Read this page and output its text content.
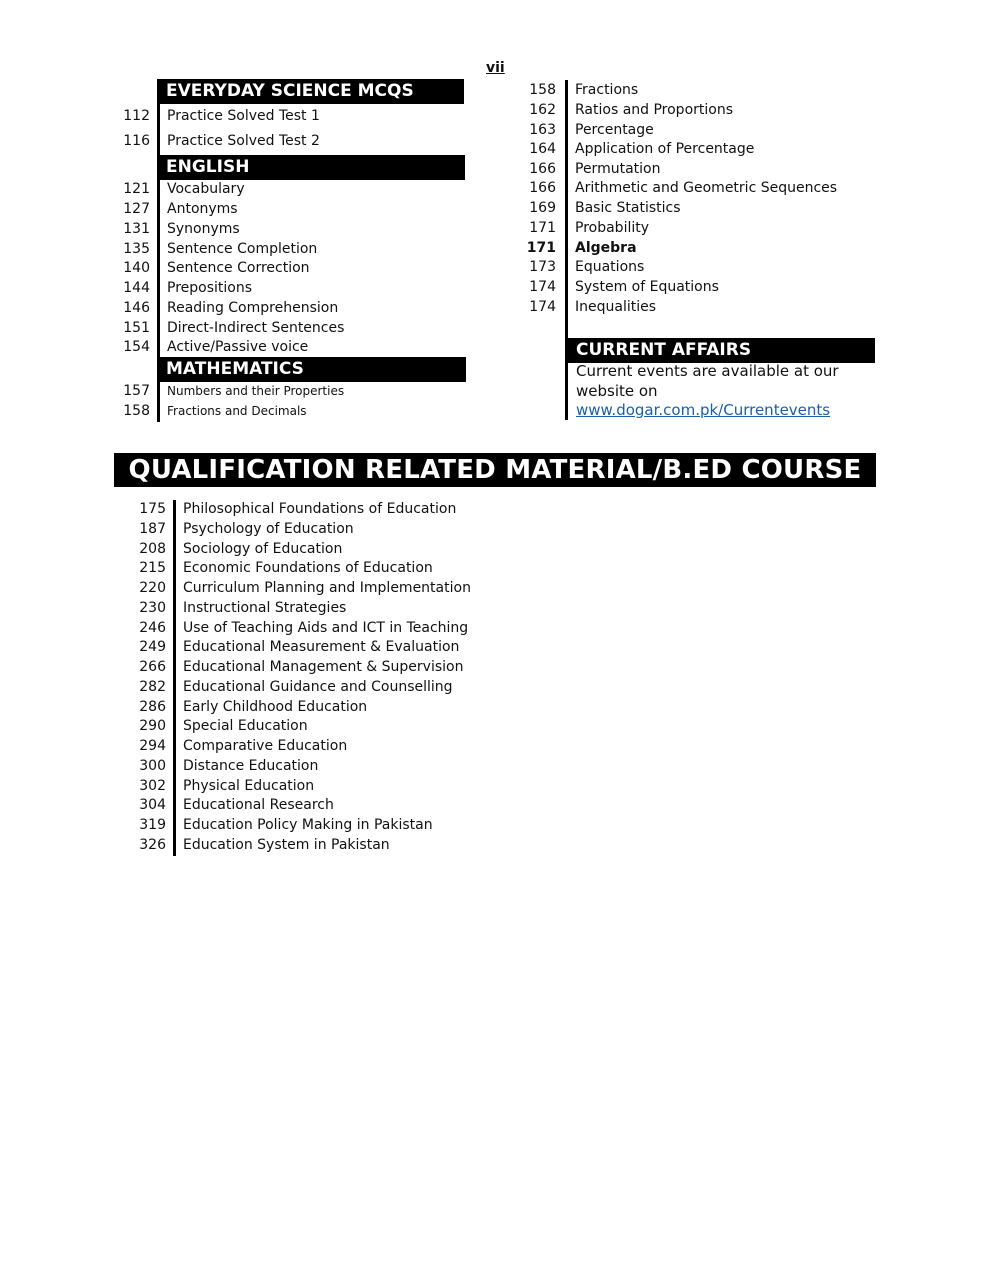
vii
EVERYDAY SCIENCE MCQS
112 Practice Solved Test 1
116 Practice Solved Test 2
ENGLISH
121 Vocabulary
127 Antonyms
131 Synonyms
135 Sentence Completion
140 Sentence Correction
144 Prepositions
146 Reading Comprehension
151 Direct-Indirect Sentences
154 Active/Passive voice
MATHEMATICS
157 Numbers and their Properties
158 Fractions and Decimals
158 Fractions
162 Ratios and Proportions
163 Percentage
164 Application of Percentage
166 Permutation
166 Arithmetic and Geometric Sequences
169 Basic Statistics
171 Probability
171 Algebra
173 Equations
174 System of Equations
174 Inequalities
CURRENT AFFAIRS
Current events are available at our website on
www.dogar.com.pk/Currentevents
QUALIFICATION RELATED MATERIAL/B.ED COURSE
175 Philosophical Foundations of Education
187 Psychology of Education
208 Sociology of Education
215 Economic Foundations of Education
220 Curriculum Planning and Implementation
230 Instructional Strategies
246 Use of Teaching Aids and ICT in Teaching
249 Educational Measurement & Evaluation
266 Educational Management & Supervision
282 Educational Guidance and Counselling
286 Early Childhood Education
290 Special Education
294 Comparative Education
300 Distance Education
302 Physical Education
304 Educational Research
319 Education Policy Making in Pakistan
326 Education System in Pakistan
